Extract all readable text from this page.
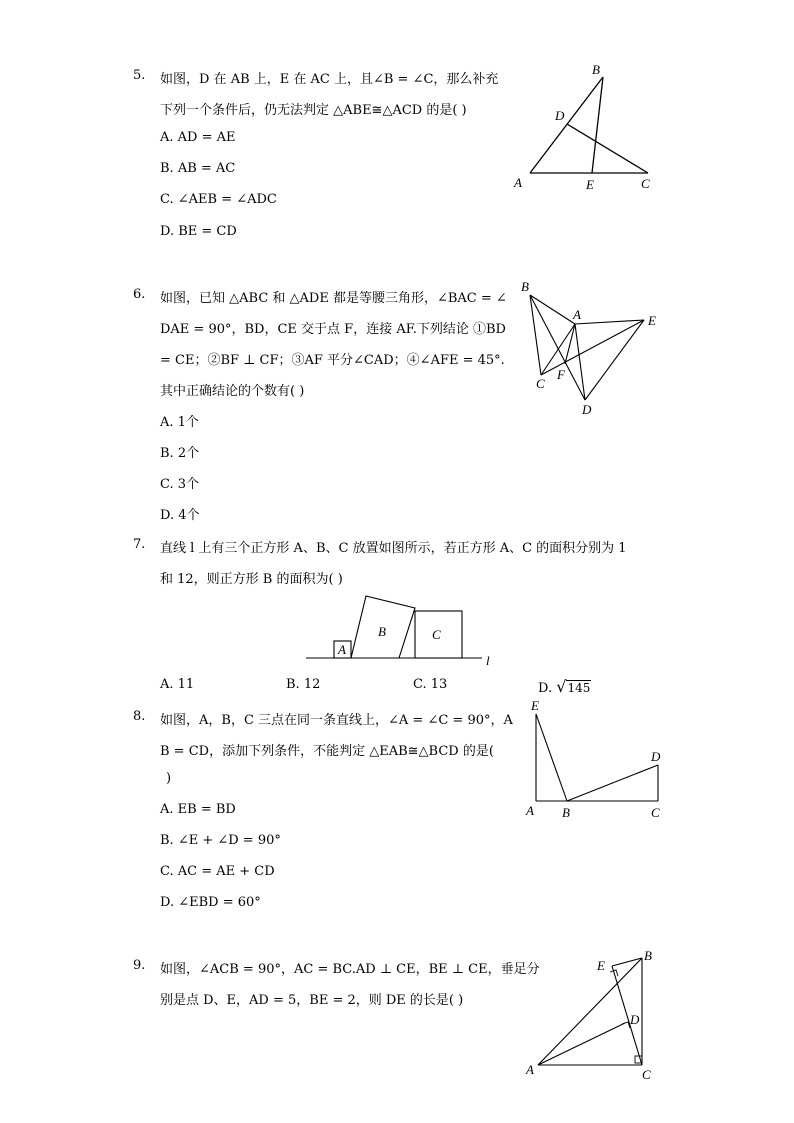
5. 如图，D 在 AB 上，E 在 AC 上，且∠B = ∠C，那么补充
下列一个条件后，仍无法判定 △ABE≅△ACD 的是( )
A. AD = AE
B. AB = AC
C. ∠AEB = ∠ADC
D. BE = CD
B
D
A	E	C
6. 如图，已知 △ABC 和 △ADE 都是等腰三角形，∠BAC = ∠
DAE = 90°，BD，CE 交于点 F，连接 AF.下列结论 ①BD
= CE；②BF ⊥ CF；③AF 平分∠CAD；④∠AFE = 45°.
其中正确结论的个数有( )
A. 1个
B. 2个
C. 3个
D. 4个
B
A	E
F
C
D
7. 直线 l 上有三个正方形 A、B、C 放置如图所示，若正方形 A、C 的面积分别为 1
和 12，则正方形 B 的面积为( )
B	C
A
l
A. 11	B. 12	C. 13	D. √145
8. 如图，A，B，C 三点在同一条直线上，∠A = ∠C = 90°，A
B = CD，添加下列条件，不能判定 △EAB≅△BCD 的是(
)
A. EB = BD
B. ∠E + ∠D = 90°
C. AC = AE + CD
D. ∠EBD = 60°
E
D
A B	C
9. 如图，∠ACB = 90°，AC = BC.AD ⊥ CE，BE ⊥ CE，垂足分
别是点 D、E，AD = 5，BE = 2，则 DE 的长是( )
E
B
D
A	C
